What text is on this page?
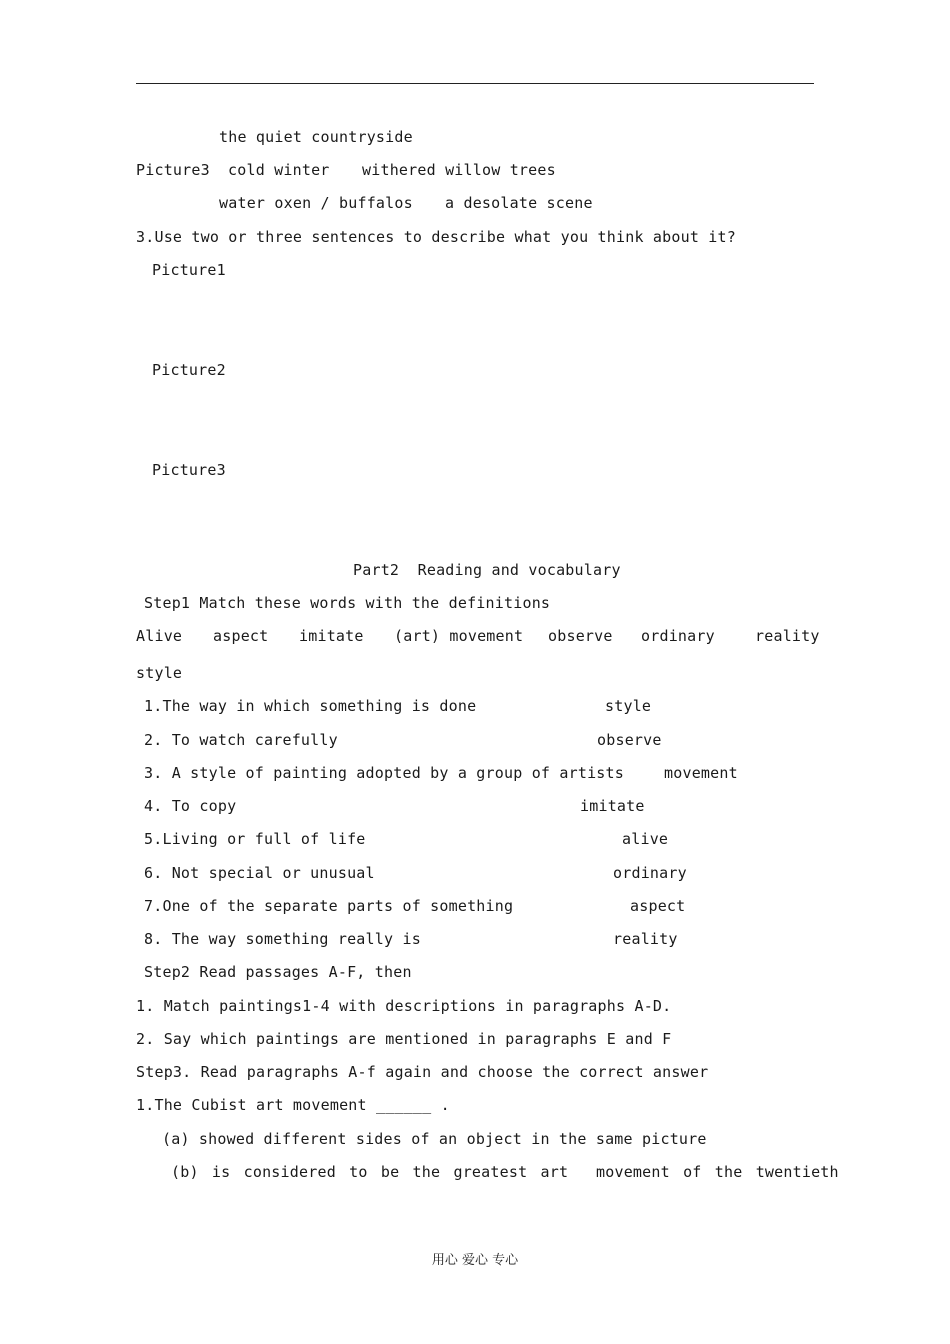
the quiet countryside
Picture3 cold winter withered willow trees
water oxen / buffalos a desolate scene
3.Use two or three sentences to describe what you think about it?
Picture1
Picture2
Picture3
Part2  Reading and vocabulary
Step1 Match these words with the definitions
Alive aspect imitate (art) movement observe ordinary	reality
style
1.The way in which something is done	style
2. To watch carefully	observe
3. A style of painting adopted by a group of artists	movement
4. To copy	imitate
5.Living or full of life	alive
6. Not special or unusual	ordinary
7.One of the separate parts of something	aspect
8. The way something really is	reality
Step2 Read passages A-F, then
1. Match paintings1-4 with descriptions in paragraphs A-D.
2. Say which paintings are mentioned in paragraphs E and F
Step3. Read paragraphs A-f again and choose the correct answer
1.The Cubist art movement ______ .
(a) showed different sides of an object in the same picture
(b) is considered to be the greatest art movement of the twentieth
用心 爱心 专心
